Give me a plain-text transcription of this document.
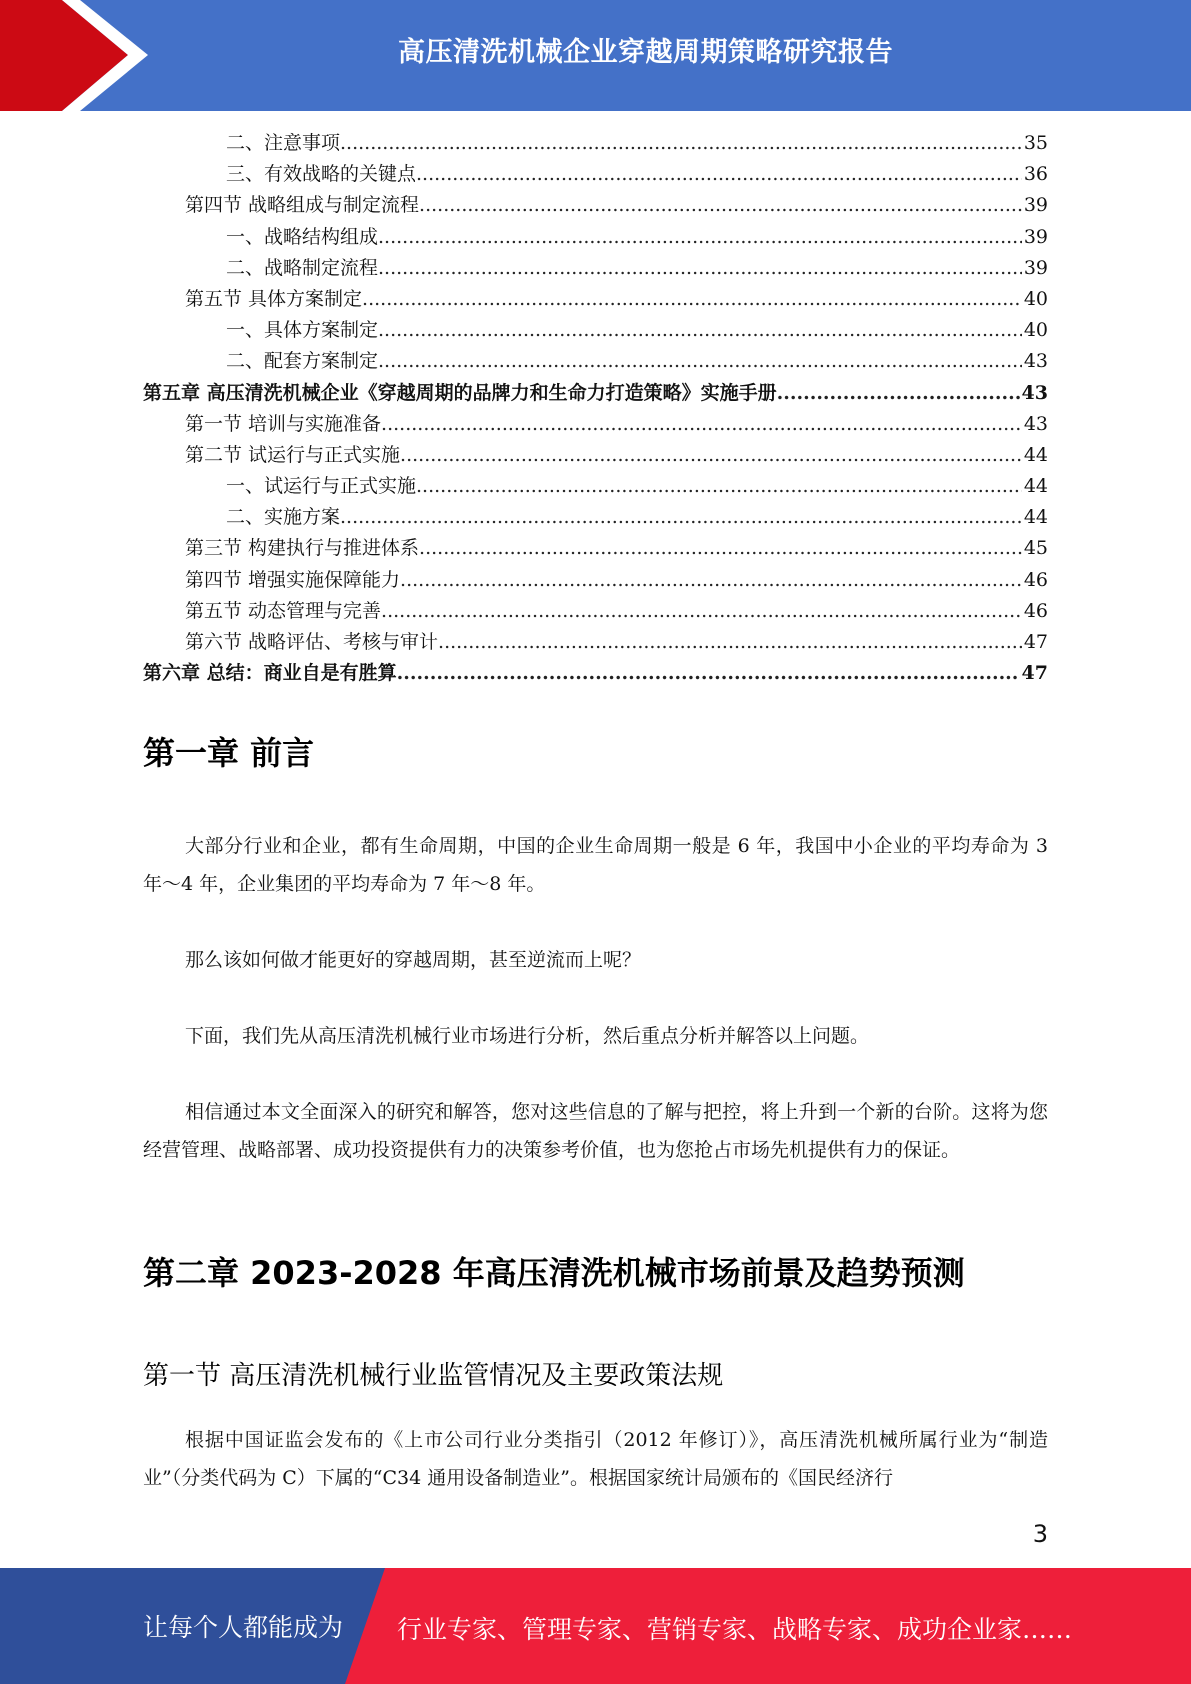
高压清洗机械企业穿越周期策略研究报告
二、注意事项 .....	35
三、有效战略的关键点 .....	36
第四节 战略组成与制定流程 .....	39
一、战略结构组成 .....	39
二、战略制定流程 .....	39
第五节 具体方案制定 .....	40
一、具体方案制定 .....	40
二、配套方案制定 .....	43
第五章 高压清洗机械企业《穿越周期的品牌力和生命力打造策略》实施手册 .....	43
第一节 培训与实施准备 .....	43
第二节 试运行与正式实施 .....	44
一、试运行与正式实施 .....	44
二、实施方案 .....	44
第三节 构建执行与推进体系 .....	45
第四节 增强实施保障能力 .....	46
第五节 动态管理与完善 .....	46
第六节 战略评估、考核与审计 .....	47
第六章 总结：商业自是有胜算 .....	47
第一章 前言

大部分行业和企业，都有生命周期，中国的企业生命周期一般是 6 年，我国中小企业的平均寿命为 3 年～4 年，企业集团的平均寿命为 7 年～8 年。

那么该如何做才能更好的穿越周期，甚至逆流而上呢？

下面，我们先从高压清洗机械行业市场进行分析，然后重点分析并解答以上问题。

相信通过本文全面深入的研究和解答，您对这些信息的了解与把控，将上升到一个新的台阶。这将为您经营管理、战略部署、成功投资提供有力的决策参考价值，也为您抢占市场先机提供有力的保证。

第二章 2023-2028 年高压清洗机械市场前景及趋势预测
第一节 高压清洗机械行业监管情况及主要政策法规

根据中国证监会发布的《上市公司行业分类指引（2012 年修订）》，高压清洗机械所属行业为“制造业”（分类代码为 C）下属的“C34 通用设备制造业”。根据国家统计局颁布的《国民经济行

3
让每个人都能成为 行业专家、管理专家、营销专家、战略专家、成功企业家……
